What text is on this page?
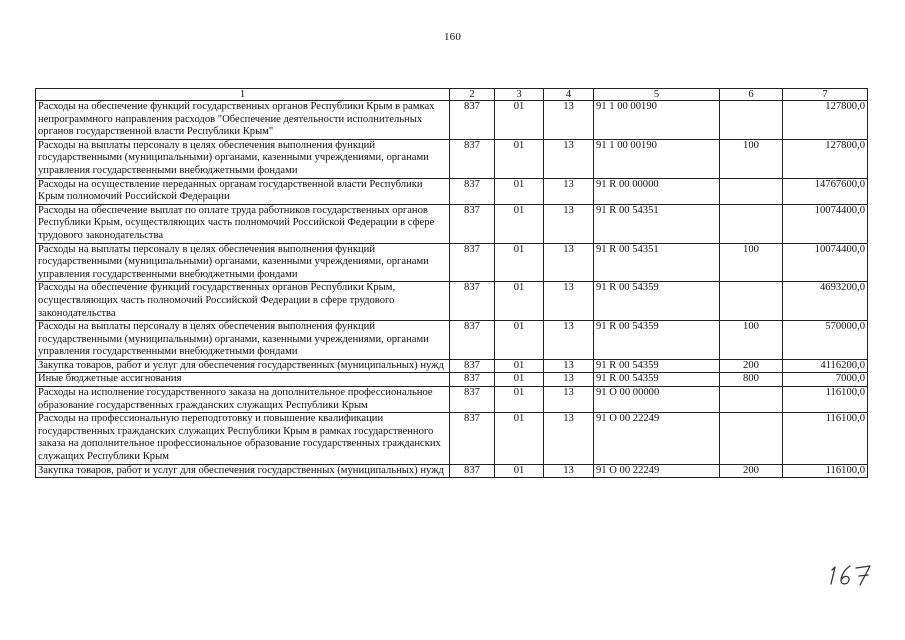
160
1	2	3	4	5	6	7
Расходы на обеспечение функций государственных органов Республики Крым в рамках непрограммного направления расходов "Обеспечение деятельности исполнительных органов государственной власти Республики Крым"	837	01	13	91 1 00 00190		127800,0
Расходы на выплаты персоналу в целях обеспечения выполнения функций государственными (муниципальными) органами, казенными учреждениями, органами управления государственными внебюджетными фондами	837	01	13	91 1 00 00190	100	127800,0
Расходы на осуществление переданных органам государственной власти Республики Крым полномочий Российской Федерации	837	01	13	91 R 00 00000		14767600,0
Расходы на обеспечение выплат по оплате труда работников государственных органов Республики Крым, осуществляющих часть полномочий Российской Федерации в сфере трудового законодательства	837	01	13	91 R 00 54351		10074400,0
Расходы на выплаты персоналу в целях обеспечения выполнения функций государственными (муниципальными) органами, казенными учреждениями, органами управления государственными внебюджетными фондами	837	01	13	91 R 00 54351	100	10074400,0
Расходы на обеспечение функций государственных органов Республики Крым, осуществляющих часть полномочий Российской Федерации в сфере трудового законодательства	837	01	13	91 R 00 54359		4693200,0
Расходы на выплаты персоналу в целях обеспечения выполнения функций государственными (муниципальными) органами, казенными учреждениями, органами управления государственными внебюджетными фондами	837	01	13	91 R 00 54359	100	570000,0
Закупка товаров, работ и услуг для обеспечения государственных (муниципальных) нужд	837	01	13	91 R 00 54359	200	4116200,0
Иные бюджетные ассигнования	837	01	13	91 R 00 54359	800	7000,0
Расходы на исполнение государственного заказа на дополнительное профессиональное образование государственных гражданских служащих Республики Крым	837	01	13	91 О 00 00000		116100,0
Расходы на профессиональную переподготовку и повышение квалификации государственных гражданских служащих Республики Крым в рамках государственного заказа на дополнительное профессиональное образование государственных гражданских служащих Республики Крым	837	01	13	91 О 00 22249		116100,0
Закупка товаров, работ и услуг для обеспечения государственных (муниципальных) нужд	837	01	13	91 О 00 22249	200	116100,0
